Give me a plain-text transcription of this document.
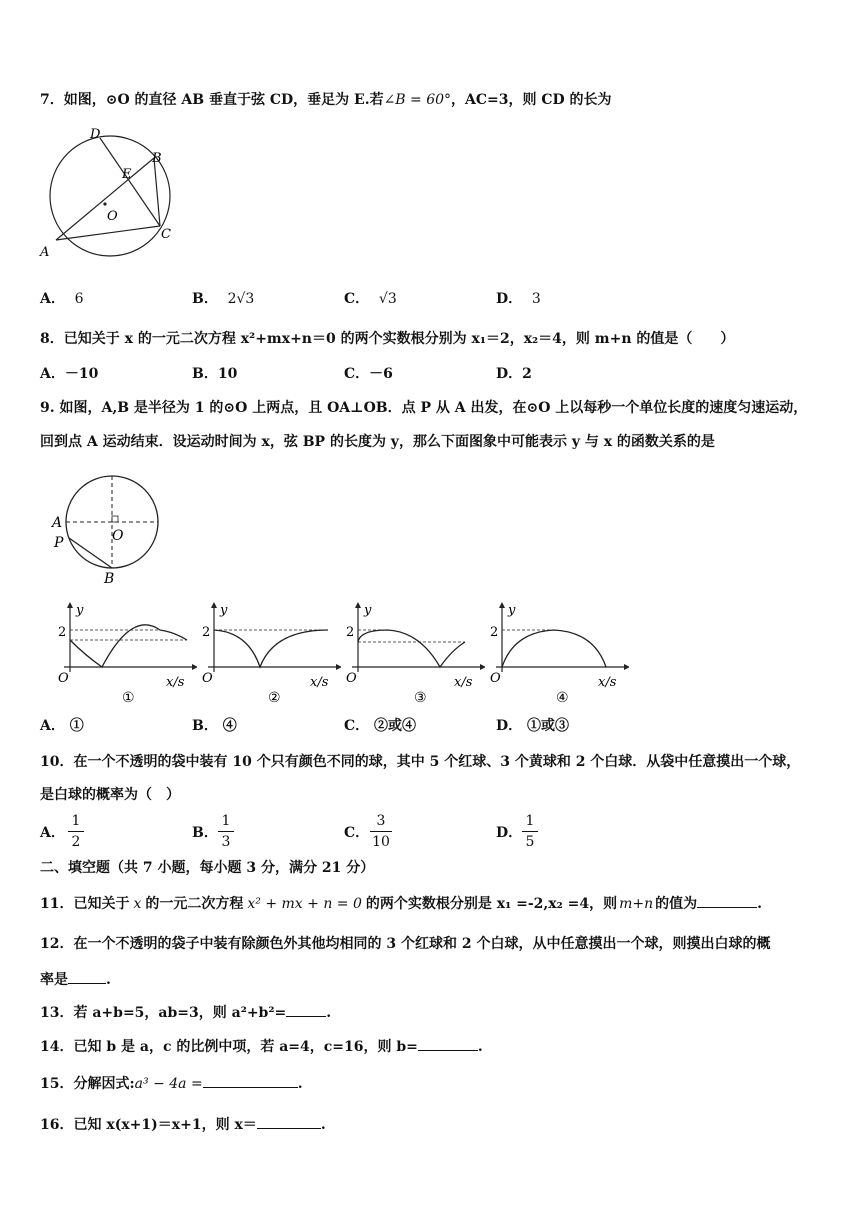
7．如图，⊙O 的直径 AB 垂直于弦 CD，垂足为 E.若∠B = 60°，AC=3，则 CD 的长为
D
B
E
O
A
C
A． 6	B． 2√3	C． √3	D． 3
8．已知关于 x 的一元二次方程 x²+mx+n＝0 的两个实数根分别为 x₁＝2，x₂＝4，则 m+n 的值是（　　）
A．－10	B．10	C．－6	D．2
9. 如图，A,B 是半径为 1 的⊙O 上两点，且 OA⊥OB．点 P 从 A 出发，在⊙O 上以每秒一个单位长度的速度匀速运动，
回到点 A 运动结束．设运动时间为 x，弦 BP 的长度为 y，那么下面图象中可能表示 y 与 x 的函数关系的是
A
O
P
B
y
2
O	x/s
①
y
2
O	x/s
②
y
2
O	x/s
③
y
2
O	x/s
④
A． ①	B． ④	C． ②或④	D． ①或③
10．在一个不透明的袋中装有 10 个只有颜色不同的球，其中 5 个红球、3 个黄球和 2 个白球．从袋中任意摸出一个球，
是白球的概率为（　）
A．
1
2
B．
1
3
C．
3
10
D．
1
5
二、填空题（共 7 小题，每小题 3 分，满分 21 分）
11．已知关于 x 的一元二次方程 x² + mx + n = 0 的两个实数根分别是 x₁ =-2,x₂ =4，则 m+n 的值为	.
12．在一个不透明的袋子中装有除颜色外其他均相同的 3 个红球和 2 个白球，从中任意摸出一个球，则摸出白球的概
率是	.
13．若 a+b=5，ab=3，则 a²+b²=	.
14．已知 b 是 a，c 的比例中项，若 a=4，c=16，则 b=	.
15．分解因式:a³ − 4a =	.
16．已知 x(x+1)＝x+1，则 x＝	.
